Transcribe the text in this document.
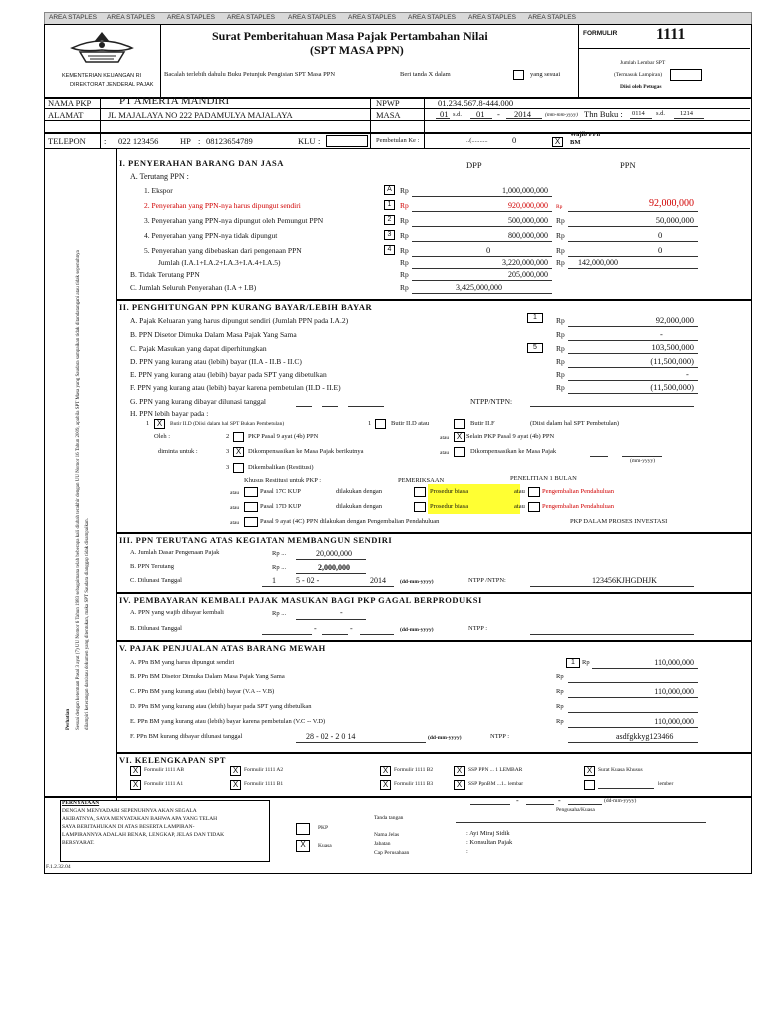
AREA STAPLES AREA STAPLES AREA STAPLES AREA STAPLES AREA STAPLES AREA STAPLES AREA STAPLES AREA STAPLES AREA STAPLES
KEMENTERIAN KEUANGAN RI
DIREKTORAT JENDERAL PAJAK
Surat Pemberitahuan Masa Pajak Pertambahan Nilai
(SPT MASA PPN)
Bacalah terlebih dahulu Buku Petunjuk Pengisian SPT Masa PPN	Beri tanda X dalam	yang sesuai
FORMULIR 1111
Jumlah Lembar SPT
(Termasuk Lampiran)
Diisi oleh Petugas
NAMA PKP	PT AMERTA MANDIRI	NPWP	01.234.567.8-444.000
ALAMAT	JL MAJALAYA NO 222 PADAMULYA MAJALAYA	MASA	01 s.d. 01 - 2014	(mm-mm-yyyy) Thn Buku : 0114 s.d. 1214
TELEPON : 022 123456	HP : 08123654789	KLU :	Pembetulan Ke :	..(..........	0	X
Wajib PPn
BM
Sesuai dengan ketentuan Pasal 3 ayat (7) UU Nomor 6 Tahun 1983 sebagaimana telah beberapa kali diubah terakhir dengan UU Nomor 16 Tahun 2009, apabila SPT Masa yang Saudara sampaikan tidak ditandatangani atau tidak sepenuhnya dilampiri keterangan dan/atau dokumen yang ditentukan, maka SPT Saudara dianggap tidak disampaikan.
Perhatian
I. PENYERAHAN BARANG DAN JASA	DPP	PPN
A. Terutang PPN :
1. Ekspor	A	Rp	1,000,000,000
2. Penyerahan yang PPN-nya harus dipungut sendiri	1	Rp	920,000,000 Rp	92,000,000
3. Penyerahan yang PPN-nya dipungut oleh Pemungut PPN	2	Rp	500,000,000 Rp	50,000,000
4. Penyerahan yang PPN-nya tidak dipungut	3	Rp	800,000,000 Rp	0
5. Penyerahan yang dibebaskan dari pengenaan PPN	4	Rp	0	Rp	0
Jumlah (I.A.1+I.A.2+I.A.3+I.A.4+I.A.5)	Rp	3,220,000,000 Rp 142,000,000
B. Tidak Terutang PPN	Rp	205,000,000
C. Jumlah Seluruh Penyerahan (I.A + I.B)	Rp	3,425,000,000
II. PENGHITUNGAN PPN KURANG BAYAR/LEBIH BAYAR
A. Pajak Keluaran yang harus dipungut sendiri (Jumlah PPN pada I.A.2)	1	Rp	92,000,000
B. PPN Disetor Dimuka Dalam Masa Pajak Yang Sama	Rp	-
C. Pajak Masukan yang dapat diperhitungkan	5	Rp	103,500,000
D. PPN yang kurang atau (lebih) bayar (II.A - II.B - II.C)	Rp	(11,500,000)
E. PPN yang kurang atau (lebih) bayar pada SPT yang dibetulkan	Rp	-
F. PPN yang kurang atau (lebih) bayar karena pembetulan (II.D - II.E)	Rp	(11,500,000)
G. PPN yang kurang dibayar dilunasi tanggal	NTPP/NTPN:
H. PPN lebih bayar pada :
1 X	Butir II.D (Diisi dalam hal SPT Bukan Pembetulan)	1	Butir II.D atau	Butir II.F	(Diisi dalam hal SPT Pembetulan)
Oleh :	2	PKP Pasal 9 ayat (4b) PPN	atau X Selain PKP Pasal 9 ayat (4b) PPN
diminta untuk :	3 X	Dikompensasikan ke Masa Pajak berikutnya	atau	Dikompensasikan ke Masa Pajak
(mm-yyyy)
3	Dikembalikan (Restitusi)
Khusus Restitusi untuk PKP :	PEMERIKSAAN	PENELITIAN 1 BULAN
atau	Pasal 17C KUP	dilakukan dengan	Prosedur biasa	atau	Pengembalian Pendahuluan
atau	Pasal 17D KUP	dilakukan dengan	Prosedur biasa	atau	Pengembalian Pendahuluan
atau	Pasal 9 ayat (4C) PPN dilakukan dengan Pengembalian Pendahuluan	PKP DALAM PROSES INVESTASI
III. PPN TERUTANG ATAS KEGIATAN MEMBANGUN SENDIRI
A. Jumlah Dasar Pengenaan Pajak	Rp ...	20,000,000
B. PPN Terutang	Rp ...	2,000,000
C. Dilunasi Tanggal	1	5 - 02 -	2014	(dd-mm-yyyy)	NTPP /NTPN:	123456KJHGDHJK
IV. PEMBAYARAN KEMBALI PAJAK MASUKAN BAGI PKP GAGAL BERPRODUKSI
A. PPN yang wajib dibayar kembali	Rp ...	-
B. Dilunasi Tanggal	-	-	(dd-mm-yyyy)	NTPP :
V. PAJAK PENJUALAN ATAS BARANG MEWAH
A. PPn BM yang harus dipungut sendiri	1	Rp	110,000,000
B. PPn BM Disetor Dimuka Dalam Masa Pajak Yang Sama	Rp
C. PPn BM yang kurang atau (lebih) bayar (V.A -- V.B)	Rp	110,000,000
D. PPn BM yang kurang atau (lebih) bayar pada SPT yang dibetulkan	Rp
E. PPn BM yang kurang atau (lebih) bayar karena pembetulan (V.C -- V.D)	Rp	110,000,000
F. PPn BM kurang dibayar dilunasi tanggal	28 - 02 - 2 0 14	(dd-mm-yyyy)	NTPP :	asdfgkkyg123466
VI. KELENGKAPAN SPT
X	Formulir 1111 AB	X	Formulir 1111 A2	X	Formulir 1111 B2	X	SSP PPN ... 1 LEMBAR	X	Surat Kuasa Khusus
X	Formulir 1111 A1	X	Formulir 1111 B1	X	Formulir 1111 B3	X	SSP PpnBM ...1.. lembar	lember
PERNYATAAN
DENGAN MENYADARI SEPENUHNYA AKAN SEGALA
AKIBATNYA, SAYA MENYATAKAN BAHWA APA YANG TELAH
SAYA BERITAHUKAN DI ATAS BESERTA LAMPIRAN-
LAMPIRANNYA ADALAH BENAR, LENGKAP, JELAS DAN TIDAK
BERSYARAT.
-	-	(dd-mm-yyyy)
Pengusaha/Kuasa
Tanda tangan
PKP
X	Kuasa
Nama Jelas	: Ayi Miraj Sidik
Jabatan	: Konsultan Pajak
Cap Perusahaan	:
F.1.2.32.04
